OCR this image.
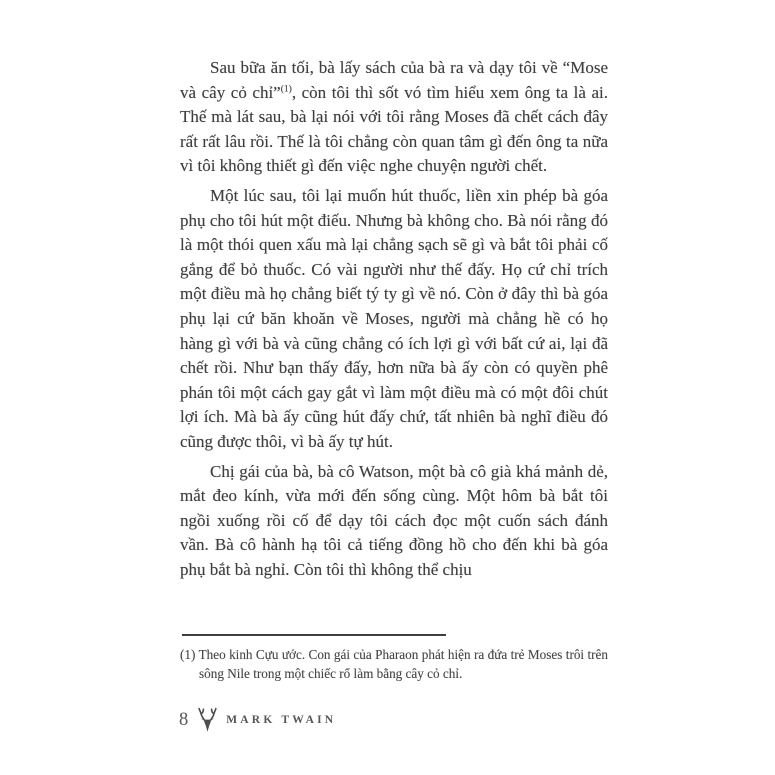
Sau bữa ăn tối, bà lấy sách của bà ra và dạy tôi về “Mose và cây cỏ chỉ”$^{(1)}$, còn tôi thì sốt vó tìm hiểu xem ông ta là ai. Thế mà lát sau, bà lại nói với tôi rằng Moses đã chết cách đây rất rất lâu rồi. Thế là tôi chẳng còn quan tâm gì đến ông ta nữa vì tôi không thiết gì đến việc nghe chuyện người chết.

Một lúc sau, tôi lại muốn hút thuốc, liền xin phép bà góa phụ cho tôi hút một điếu. Nhưng bà không cho. Bà nói rằng đó là một thói quen xấu mà lại chẳng sạch sẽ gì và bắt tôi phải cố gắng để bỏ thuốc. Có vài người như thế đấy. Họ cứ chỉ trích một điều mà họ chẳng biết tý ty gì về nó. Còn ở đây thì bà góa phụ lại cứ băn khoăn về Moses, người mà chẳng hề có họ hàng gì với bà và cũng chẳng có ích lợi gì với bất cứ ai, lại đã chết rồi. Như bạn thấy đấy, hơn nữa bà ấy còn có quyền phê phán tôi một cách gay gắt vì làm một điều mà có một đôi chút lợi ích. Mà bà ấy cũng hút đấy chứ, tất nhiên bà nghĩ điều đó cũng được thôi, vì bà ấy tự hút.

Chị gái của bà, bà cô Watson, một bà cô già khá mảnh dẻ, mắt đeo kính, vừa mới đến sống cùng. Một hôm bà bắt tôi ngồi xuống rồi cố để dạy tôi cách đọc một cuốn sách đánh vần. Bà cô hành hạ tôi cả tiếng đồng hồ cho đến khi bà góa phụ bắt bà nghỉ. Còn tôi thì không thể chịu

(1) Theo kinh Cựu ước. Con gái của Pharaon phát hiện ra đứa trẻ Moses trôi trên sông Nile trong một chiếc rổ làm bằng cây cỏ chỉ.
8	MARK TWAIN
